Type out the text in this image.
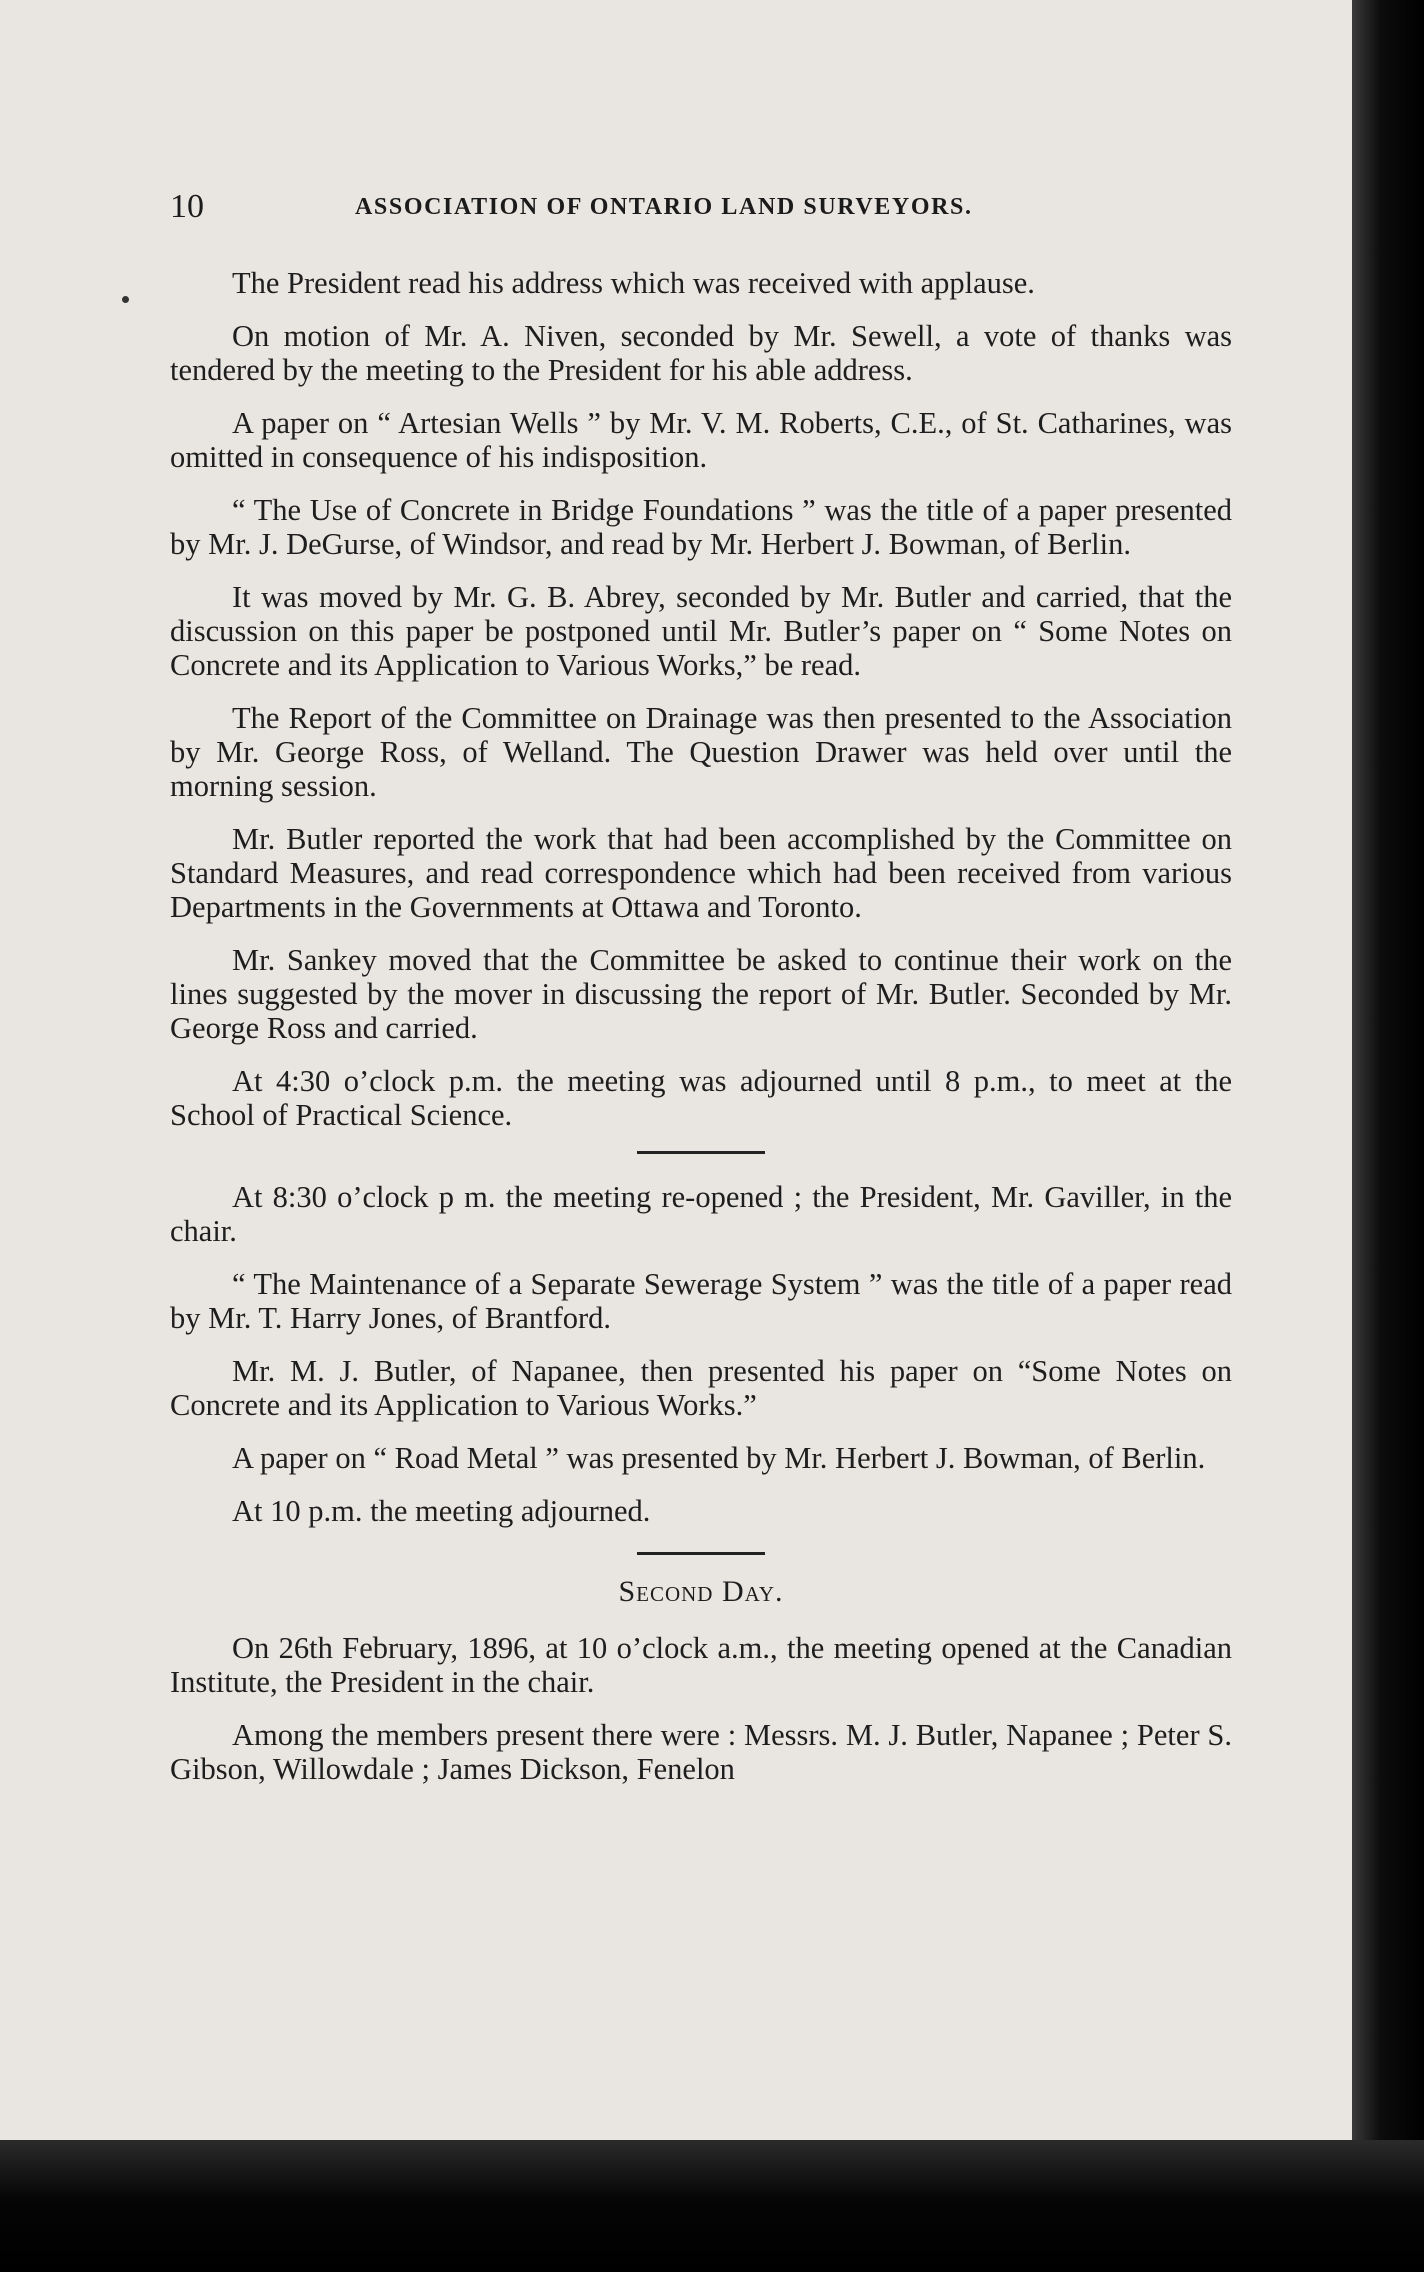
10	ASSOCIATION OF ONTARIO LAND SURVEYORS.

The President read his address which was received with applause.

On motion of Mr. A. Niven, seconded by Mr. Sewell, a vote of thanks was tendered by the meeting to the President for his able address.

A paper on “ Artesian Wells ” by Mr. V. M. Roberts, C.E., of St. Catharines, was omitted in consequence of his indisposition.

“ The Use of Concrete in Bridge Foundations ” was the title of a paper presented by Mr. J. DeGurse, of Windsor, and read by Mr. Herbert J. Bowman, of Berlin.

It was moved by Mr. G. B. Abrey, seconded by Mr. Butler and carried, that the discussion on this paper be postponed until Mr. Butler’s paper on “ Some Notes on Concrete and its Application to Various Works,” be read.

The Report of the Committee on Drainage was then presented to the Association by Mr. George Ross, of Welland. The Question Drawer was held over until the morning session.

Mr. Butler reported the work that had been accomplished by the Committee on Standard Measures, and read correspondence which had been received from various Departments in the Governments at Ottawa and Toronto.

Mr. Sankey moved that the Committee be asked to continue their work on the lines suggested by the mover in discussing the report of Mr. Butler. Seconded by Mr. George Ross and carried.

At 4:30 o’clock p.m. the meeting was adjourned until 8 p.m., to meet at the School of Practical Science.

At 8:30 o’clock p m. the meeting re-opened ; the President, Mr. Gaviller, in the chair.

“ The Maintenance of a Separate Sewerage System ” was the title of a paper read by Mr. T. Harry Jones, of Brantford.

Mr. M. J. Butler, of Napanee, then presented his paper on “Some Notes on Concrete and its Application to Various Works.”

A paper on “ Road Metal ” was presented by Mr. Herbert J. Bowman, of Berlin.

At 10 p.m. the meeting adjourned.

Second Day.

On 26th February, 1896, at 10 o’clock a.m., the meeting opened at the Canadian Institute, the President in the chair.

Among the members present there were : Messrs. M. J. Butler, Napanee ; Peter S. Gibson, Willowdale ; James Dickson, Fenelon
